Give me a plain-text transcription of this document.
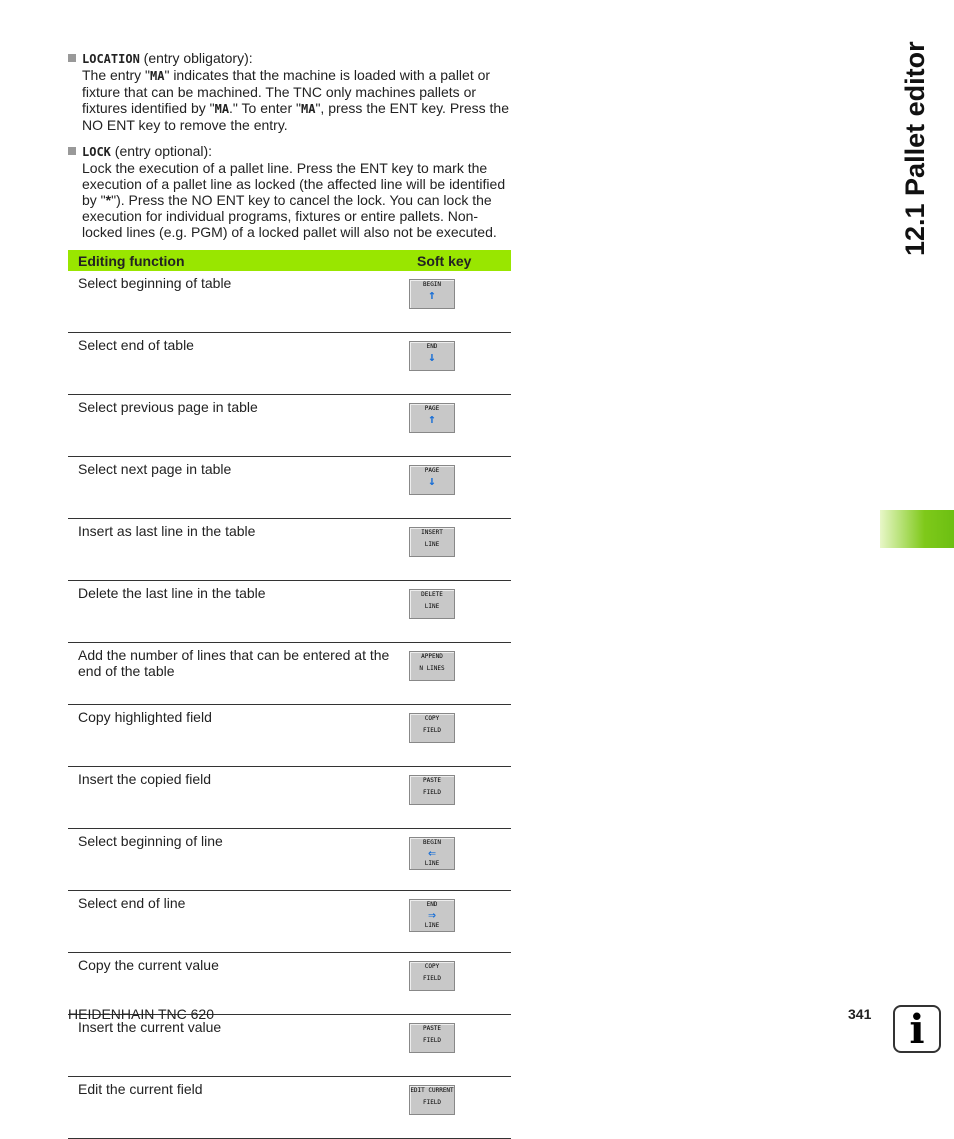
LOCATION (entry obligatory):
The entry "MA" indicates that the machine is loaded with a pallet or fixture that can be machined. The TNC only machines pallets or fixtures identified by "MA." To enter "MA", press the ENT key. Press the NO ENT key to remove the entry.
LOCK (entry optional):
Lock the execution of a pallet line. Press the ENT key to mark the execution of a pallet line as locked (the affected line will be identified by "*"). Press the NO ENT key to cancel the lock. You can lock the execution for individual programs, fixtures or entire pallets. Non-locked lines (e.g. PGM) of a locked pallet will also not be executed.
Editing function	Soft key
Select beginning of table	BEGIN
↑

Select end of table	END
↓

Select previous page in table	PAGE
↑

Select next page in table	PAGE
↓

Insert as last line in the table	INSERT
LINE

Delete the last line in the table	DELETE
LINE

Add the number of lines that can be entered at the end of the table	APPEND
N LINES

Copy highlighted field	COPY
FIELD

Insert the copied field	PASTE
FIELD

Select beginning of line	BEGIN
⇐
LINE

Select end of line	END
⇒
LINE

Copy the current value	COPY
FIELD

Insert the current value	PASTE
FIELD

Edit the current field	EDIT CURRENT
FIELD
12.1 Pallet editor
HEIDENHAIN TNC 620	341 i
